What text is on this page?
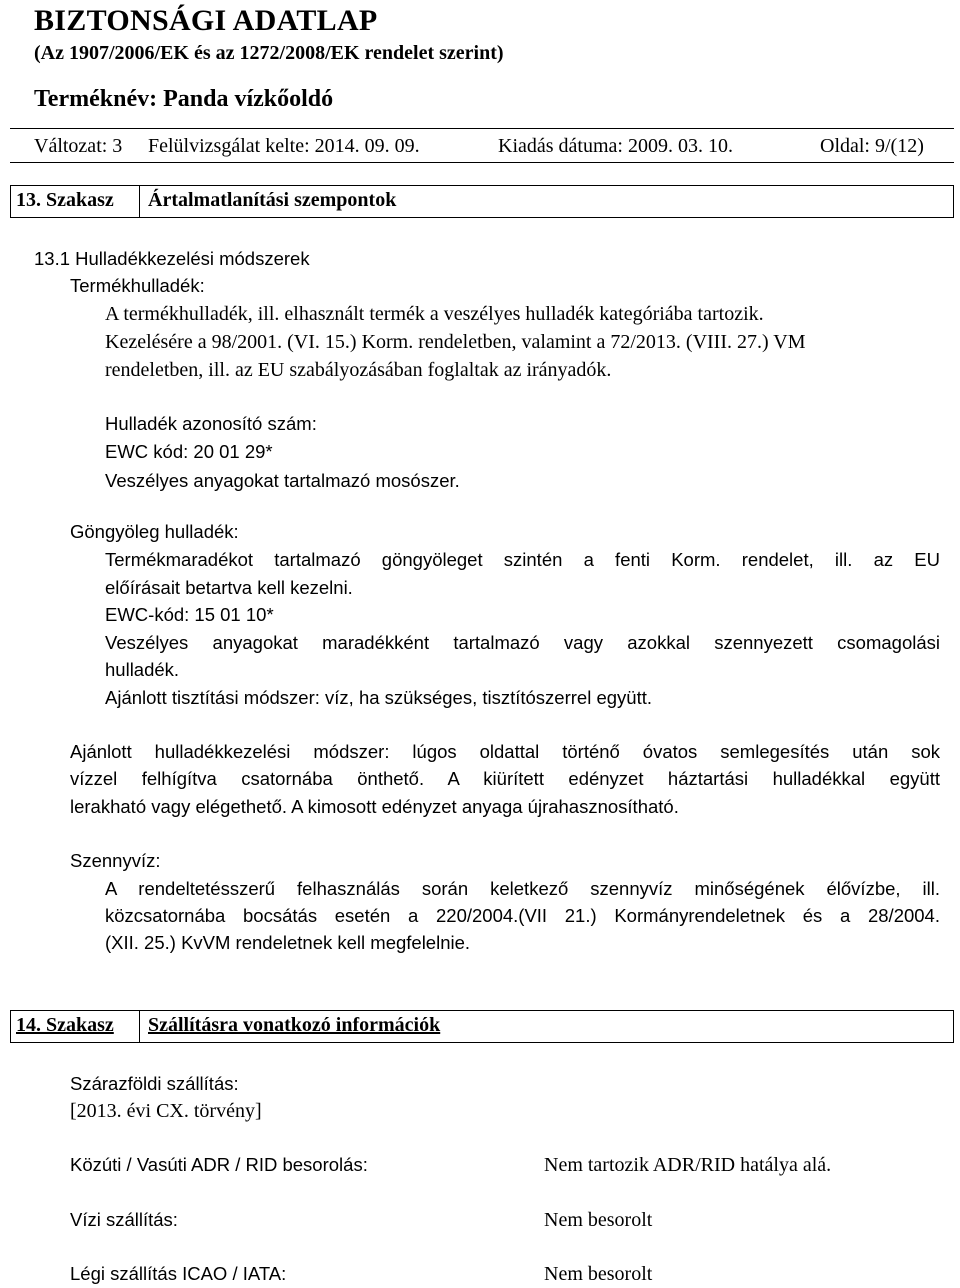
BIZTONSÁGI ADATLAP
(Az 1907/2006/EK és az 1272/2008/EK rendelet szerint)
Terméknév: Panda vízkőoldó
Változat: 3 Felülvizsgálat kelte: 2014. 09. 09.	Kiadás dátuma: 2009. 03. 10.	Oldal: 9/(12)
13. Szakasz Ártalmatlanítási szempontok
13.1 Hulladékkezelési módszerek
Termékhulladék:
A termékhulladék, ill. elhasznált termék a veszélyes hulladék kategóriába tartozik.
Kezelésére a 98/2001. (VI. 15.) Korm. rendeletben, valamint a 72/2013. (VIII. 27.) VM
rendeletben, ill. az EU szabályozásában foglaltak az irányadók.
Hulladék azonosító szám:
EWC kód: 20 01 29*
Veszélyes anyagokat tartalmazó mosószer.
Göngyöleg hulladék:
Termékmaradékot tartalmazó göngyöleget szintén a fenti Korm. rendelet, ill. az EU
előírásait betartva kell kezelni.
EWC-kód: 15 01 10*
Veszélyes anyagokat maradékként tartalmazó vagy azokkal szennyezett csomagolási
hulladék.
Ajánlott tisztítási módszer: víz, ha szükséges, tisztítószerrel együtt.
Ajánlott hulladékkezelési módszer: lúgos oldattal történő óvatos semlegesítés után sok
vízzel felhígítva csatornába önthető. A kiürített edényzet háztartási hulladékkal együtt
lerakható vagy elégethető. A kimosott edényzet anyaga újrahasznosítható.
Szennyvíz:
A rendeltetésszerű felhasználás során keletkező szennyvíz minőségének élővízbe, ill.
közcsatornába bocsátás esetén a 220/2004.(VII 21.) Kormányrendeletnek és a 28/2004.
(XII. 25.) KvVM rendeletnek kell megfelelnie.
14. Szakasz Szállításra vonatkozó információk
Szárazföldi szállítás:
[2013. évi CX. törvény]
Közúti / Vasúti ADR / RID besorolás:	Nem tartozik ADR/RID hatálya alá.
Vízi szállítás:	Nem besorolt
Légi szállítás ICAO / IATA:	Nem besorolt
